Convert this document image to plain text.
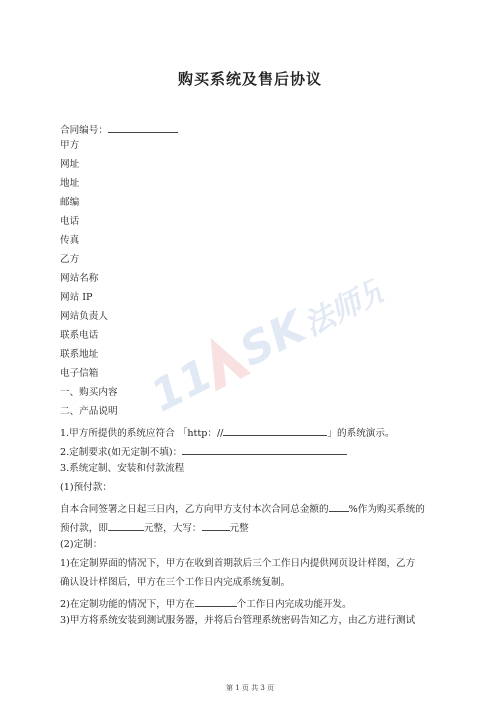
购买系统及售后协议
合同编号：
甲方
网址
地址
邮编
电话
传真
乙方
网站名称
网站 IP
网站负责人
联系电话
联系地址
电子信箱
一、购买内容
二、产品说明
1.甲方所提供的系统应符合 「http：//	」的系统演示。
2.定制要求(如无定制不填)：
3.系统定制、安装和付款流程
(1)预付款：
自本合同签署之日起三日内，乙方向甲方支付本次合同总金额的 %作为购买系统的
预付款，即	元整，大写：	元整
(2)定制：
1)在定制界面的情况下，甲方在收到首期款后三个工作日内提供网页设计样图，乙方
确认设计样图后，甲方在三个工作日内完成系统复制。
2)在定制功能的情况下，甲方在	个工作日内完成功能开发。
3)甲方将系统安装到测试服务器，并将后台管理系统密码告知乙方，由乙方进行测试
第 1 页 共 3 页
11
SK
法师兄
